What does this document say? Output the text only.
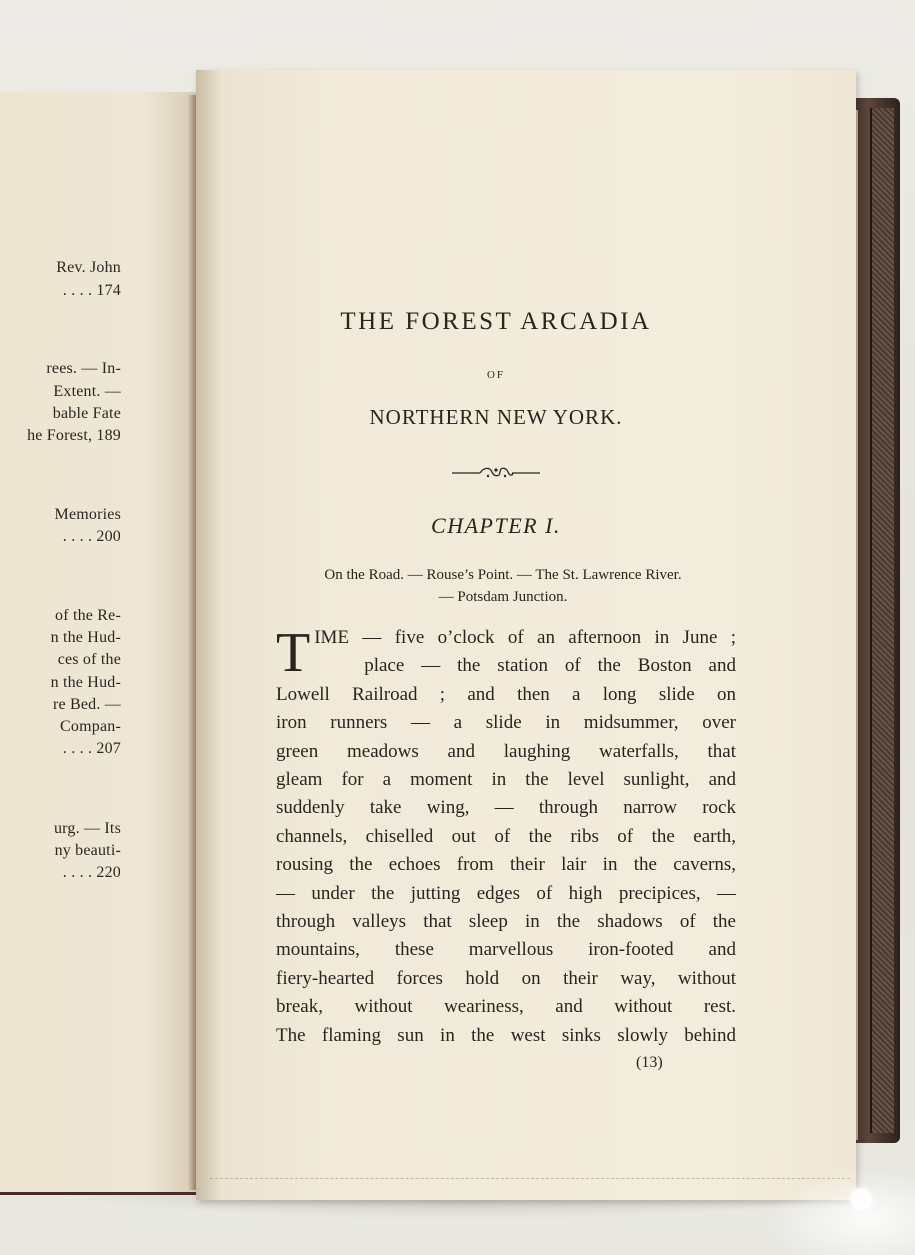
Rev. John
. . . . 174
rees. — In-
Extent. —
bable Fate
he Forest, 189
Memories
. . . . 200
of the Re-
n the Hud-
ces of the
n the Hud-
re Bed. —
Compan-
. . . . 207
urg. — Its
ny beauti-
. . . . 220
THE FOREST ARCADIA
OF
NORTHERN NEW YORK.
CHAPTER I.
On the Road. — Rouse’s Point. — The St. Lawrence River.
— Potsdam Junction.
T IME — five o’clock of an afternoon in June ;
place — the station of the Boston and
Lowell Railroad ; and then a long slide on
iron runners — a slide in midsummer, over
green meadows and laughing waterfalls, that
gleam for a moment in the level sunlight, and
suddenly take wing, — through narrow rock
channels, chiselled out of the ribs of the earth,
rousing the echoes from their lair in the caverns,
— under the jutting edges of high precipices, —
through valleys that sleep in the shadows of the
mountains, these marvellous iron-footed and
fiery-hearted forces hold on their way, without
break, without weariness, and without rest.
The flaming sun in the west sinks slowly behind
(13)
